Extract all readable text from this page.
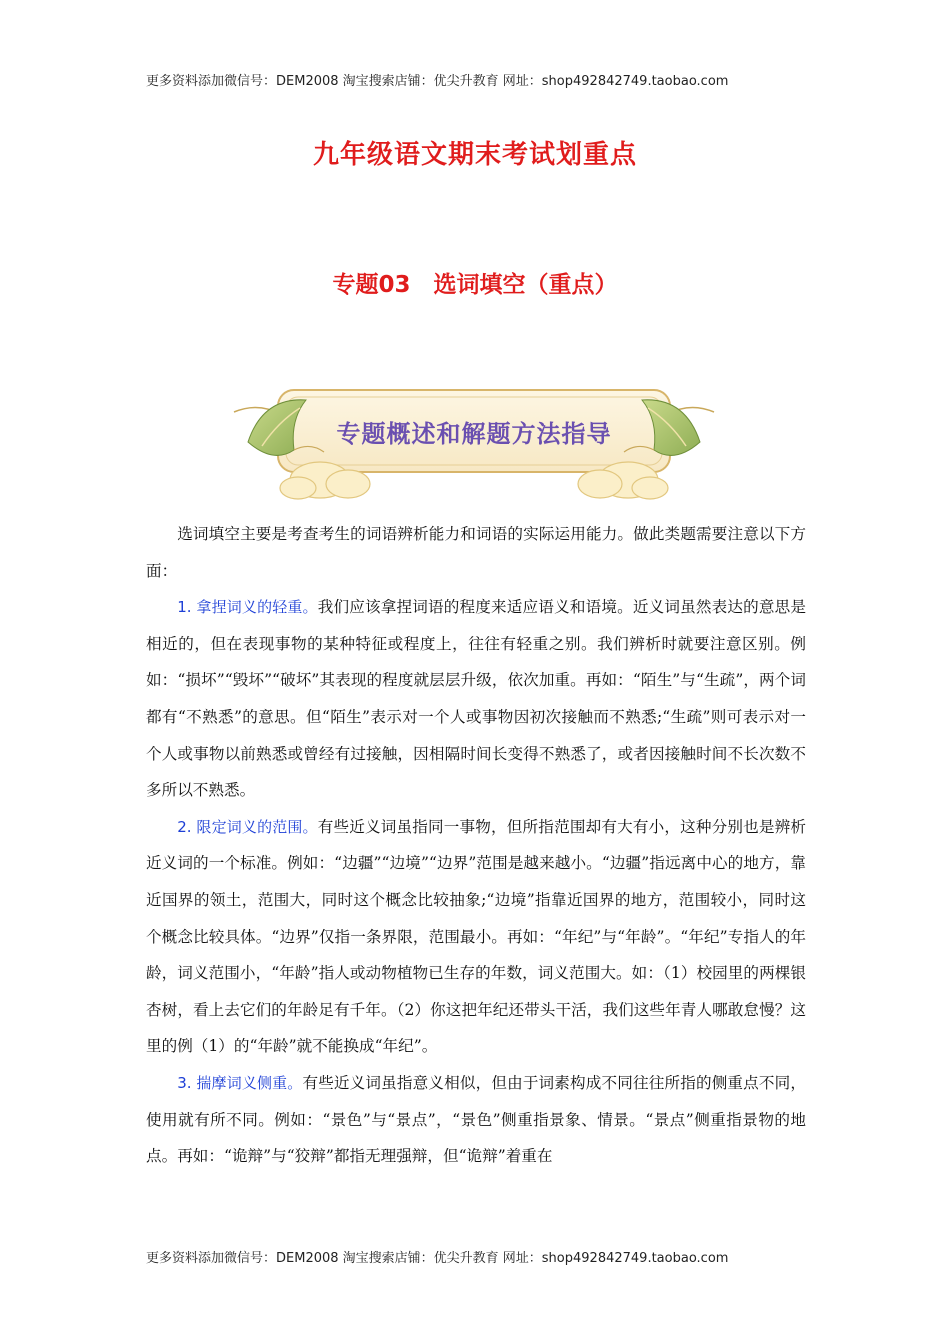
更多资料添加微信号：DEM2008 淘宝搜索店铺：优尖升教育 网址：shop492842749.taobao.com
九年级语文期末考试划重点
专题03　选词填空（重点）
专题概述和解题方法指导

选词填空主要是考查考生的词语辨析能力和词语的实际运用能力。做此类题需要注意以下方面：

1. 拿捏词义的轻重。我们应该拿捏词语的程度来适应语义和语境。近义词虽然表达的意思是相近的，但在表现事物的某种特征或程度上，往往有轻重之别。我们辨析时就要注意区别。例如：“损坏”“毁坏”“破坏”其表现的程度就层层升级，依次加重。再如：“陌生”与“生疏”，两个词都有“不熟悉”的意思。但“陌生”表示对一个人或事物因初次接触而不熟悉;“生疏”则可表示对一个人或事物以前熟悉或曾经有过接触，因相隔时间长变得不熟悉了，或者因接触时间不长次数不多所以不熟悉。

2. 限定词义的范围。有些近义词虽指同一事物，但所指范围却有大有小，这种分别也是辨析近义词的一个标准。例如：“边疆”“边境”“边界”范围是越来越小。“边疆”指远离中心的地方，靠近国界的领土，范围大，同时这个概念比较抽象;“边境”指靠近国界的地方，范围较小，同时这个概念比较具体。“边界”仅指一条界限，范围最小。再如：“年纪”与“年龄”。“年纪”专指人的年龄，词义范围小，“年龄”指人或动物植物已生存的年数，词义范围大。如：（1）校园里的两棵银杏树，看上去它们的年龄足有千年。（2）你这把年纪还带头干活，我们这些年青人哪敢怠慢？这里的例（1）的“年龄”就不能换成“年纪”。

3. 揣摩词义侧重。有些近义词虽指意义相似，但由于词素构成不同往往所指的侧重点不同，使用就有所不同。例如：“景色”与“景点”，“景色”侧重指景象、情景。“景点”侧重指景物的地点。再如：“诡辩”与“狡辩”都指无理强辩，但“诡辩”着重在

更多资料添加微信号：DEM2008 淘宝搜索店铺：优尖升教育 网址：shop492842749.taobao.com
